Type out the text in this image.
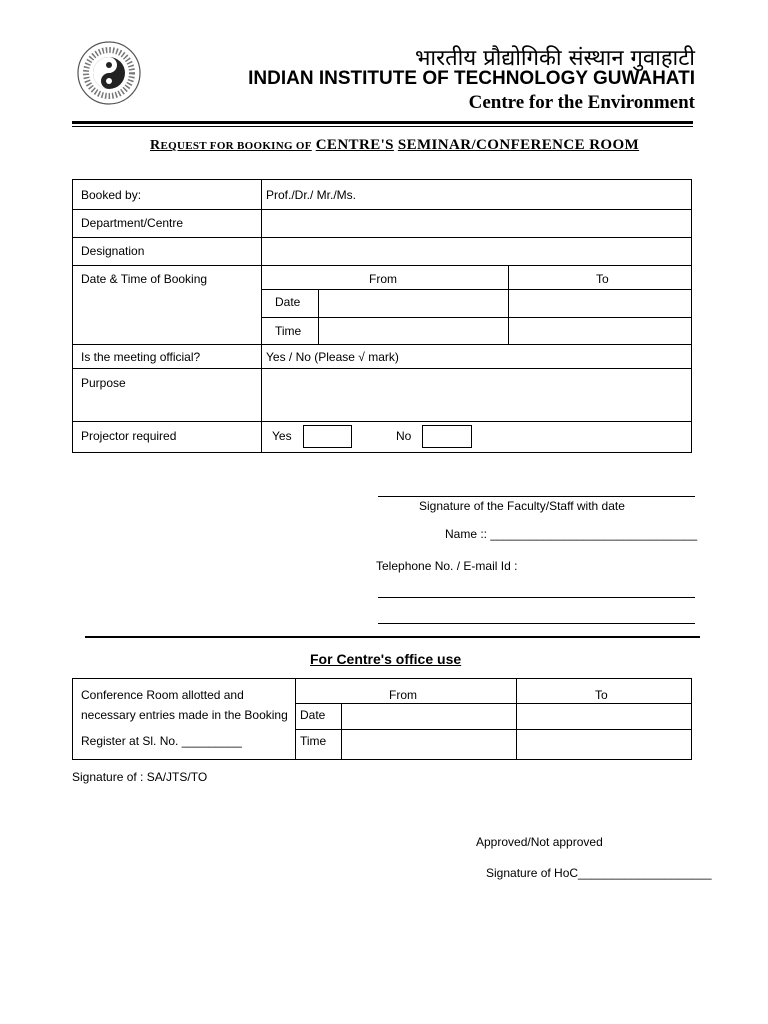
भारतीय प्रौद्योगिकी संस्थान गुवाहाटी
INDIAN INSTITUTE OF TECHNOLOGY GUWAHATI
Centre for the Environment
REQUEST FOR BOOKING OF CENTRE'S SEMINAR/CONFERENCE ROOM
Booked by:	Prof./Dr./ Mr./Ms.
Department/Centre
Designation
Date & Time of Booking	From	To
Date
Time
Is the meeting official?	Yes / No (Please √ mark)
Purpose
Projector required	Yes	No
Signature of the Faculty/Staff with date
Name :: _______________________________
Telephone No. / E-mail Id :
For Centre's office use
Conference Room allotted and
necessary entries made in the Booking
Register at Sl. No. _________
From	To
Date
Time
Signature of : SA/JTS/TO
Approved/Not approved
Signature of HoC____________________
